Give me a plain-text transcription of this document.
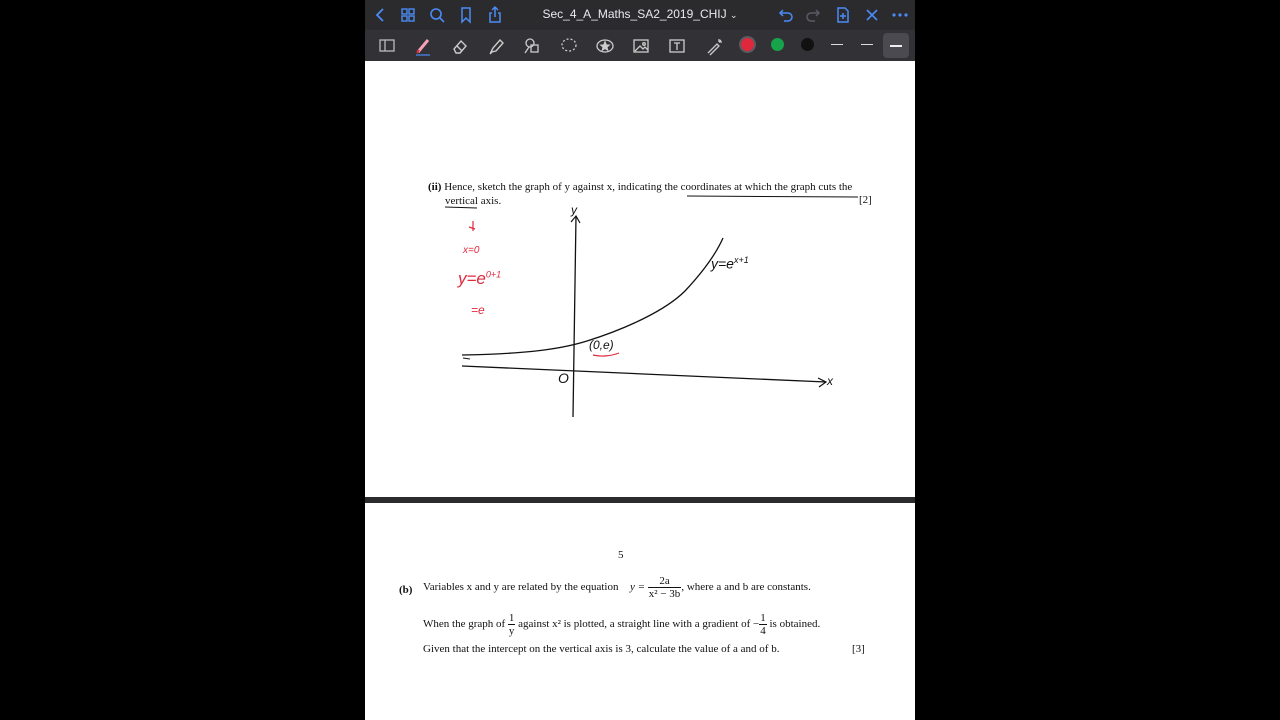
Sec_4_A_Maths_SA2_2019_CHIJ ⌄
(ii) Hence, sketch the graph of y against x, indicating the coordinates at which the graph cuts the
vertical axis.	[2]
x=0
$y=e^{0+1}$
=e
y
x
O
$y=e^{x+1}$
(0,e)
5
(b) Variables x and y are related by the equation $y = \frac{2a}{\text{x² − 3b}}$ , where a and b are constants.
When the graph of $\frac{1}{y}$ against x² is plotted, a straight line with a gradient of − $\frac{1}{4}$ is obtained.
Given that the intercept on the vertical axis is 3, calculate the value of a and of b.	[3]
